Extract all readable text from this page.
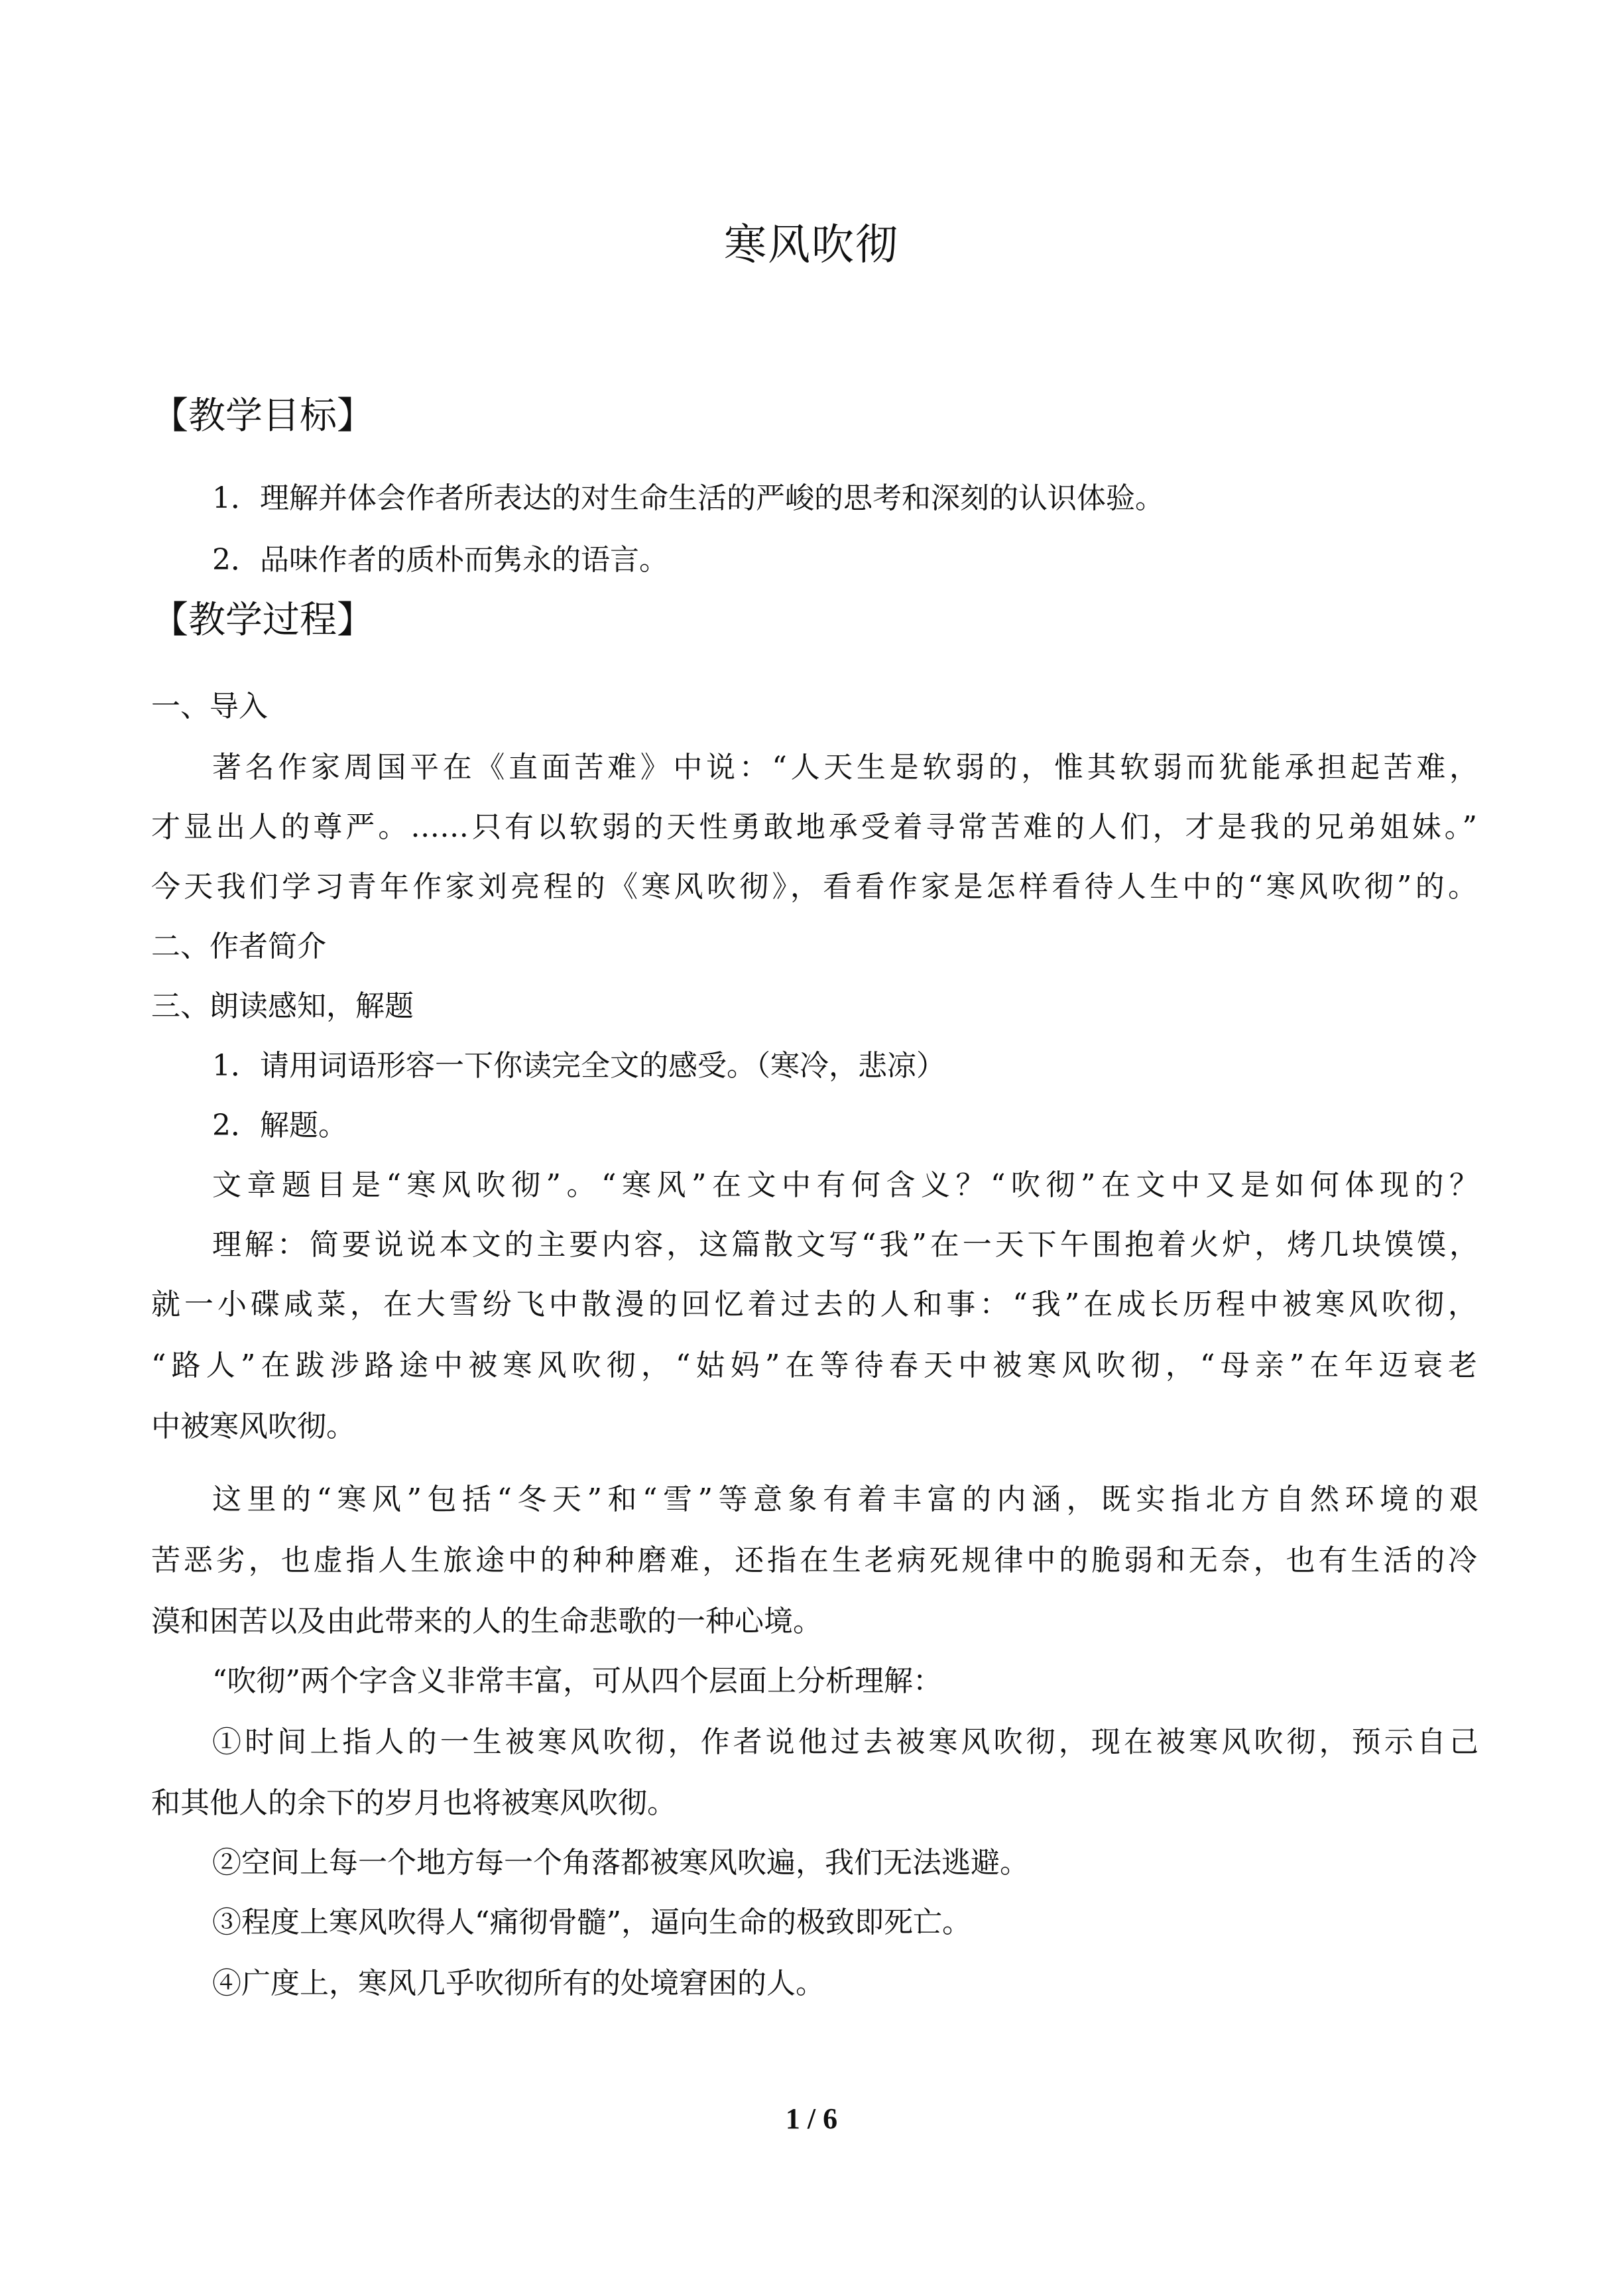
寒风吹彻
【教学目标】
1．理解并体会作者所表达的对生命生活的严峻的思考和深刻的认识体验。
2．品味作者的质朴而隽永的语言。
【教学过程】
一、导入
著名作家周国平在《直面苦难》中说：“人天生是软弱的，惟其软弱而犹能承担起苦难，
才显出人的尊严。……只有以软弱的天性勇敢地承受着寻常苦难的人们，才是我的兄弟姐妹。”
今天我们学习青年作家刘亮程的《寒风吹彻》，看看作家是怎样看待人生中的“寒风吹彻”的。
二、作者简介
三、朗读感知，解题
1．请用词语形容一下你读完全文的感受。（寒冷，悲凉）
2．解题。
文章题目是“寒风吹彻”。“寒风”在文中有何含义？“吹彻”在文中又是如何体现的？
理解：简要说说本文的主要内容，这篇散文写“我”在一天下午围抱着火炉，烤几块馍馍，
就一小碟咸菜，在大雪纷飞中散漫的回忆着过去的人和事：“我”在成长历程中被寒风吹彻，
“路人”在跋涉路途中被寒风吹彻，“姑妈”在等待春天中被寒风吹彻，“母亲”在年迈衰老
中被寒风吹彻。
这里的“寒风”包括“冬天”和“雪”等意象有着丰富的内涵，既实指北方自然环境的艰
苦恶劣，也虚指人生旅途中的种种磨难，还指在生老病死规律中的脆弱和无奈，也有生活的冷
漠和困苦以及由此带来的人的生命悲歌的一种心境。
“吹彻”两个字含义非常丰富，可从四个层面上分析理解：
①时间上指人的一生被寒风吹彻，作者说他过去被寒风吹彻，现在被寒风吹彻，预示自己
和其他人的余下的岁月也将被寒风吹彻。
②空间上每一个地方每一个角落都被寒风吹遍，我们无法逃避。
③程度上寒风吹得人“痛彻骨髓”，逼向生命的极致即死亡。
④广度上，寒风几乎吹彻所有的处境窘困的人。
1 / 6
